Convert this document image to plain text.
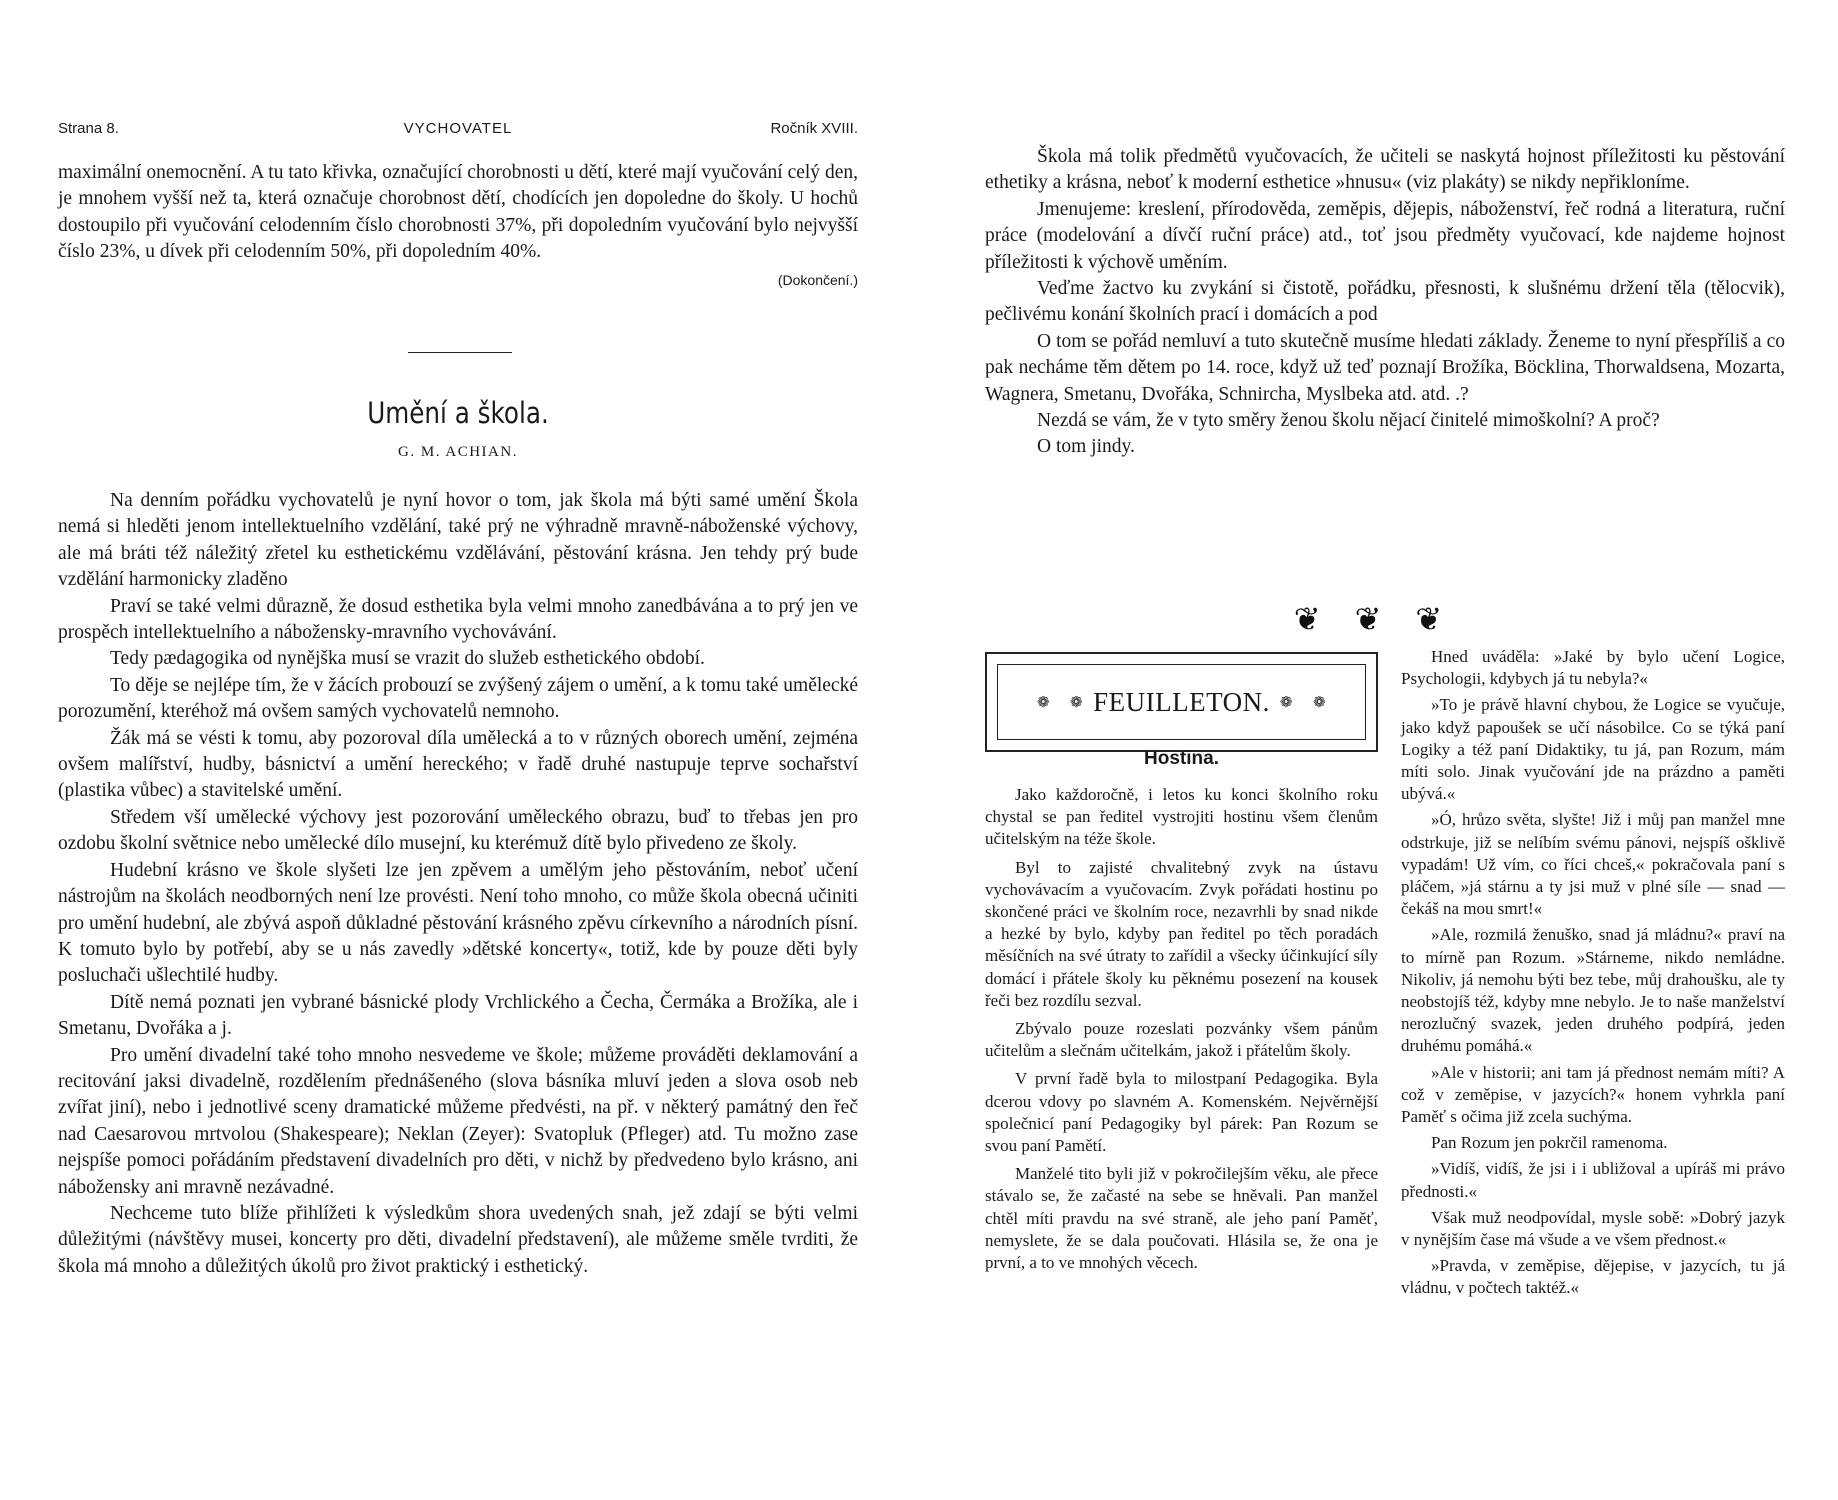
Strana 8.	VYCHOVATEL	Ročník XVIII.

maximální onemocnění. A tu tato křivka, označující chorobnosti u dětí, které mají vyučování celý den, je mnohem vyšší než ta, která označuje chorobnost dětí, chodících jen dopoledne do školy. U hochů dostoupilo při vyučování celodenním číslo chorobnosti 37%, při dopoledním vyučování bylo nejvyšší číslo 23%, u dívek při celodenním 50%, při dopoledním 40%.

(Dokončení.)
Umění a škola.
G. M. ACHIAN.

Na denním pořádku vychovatelů je nyní hovor o tom, jak škola má býti samé umění Škola nemá si hleděti jenom intellektuelního vzdělání, také prý ne výhradně mravně-náboženské výchovy, ale má bráti též náležitý zřetel ku esthetickému vzdělávání, pěstování krásna. Jen tehdy prý bude vzdělání harmonicky zladěno

Praví se také velmi důrazně, že dosud esthetika byla velmi mnoho zanedbávána a to prý jen ve prospěch intellektuelního a nábožensky-mravního vychovávání.

Tedy pædagogika od nynějška musí se vrazit do služeb esthetického období.

To děje se nejlépe tím, že v žácích probouzí se zvýšený zájem o umění, a k tomu také umělecké porozumění, kteréhož má ovšem samých vychovatelů nemnoho.

Žák má se vésti k tomu, aby pozoroval díla umělecká a to v různých oborech umění, zejména ovšem malířství, hudby, básnictví a umění hereckého; v řadě druhé nastupuje teprve sochařství (plastika vůbec) a stavitelské umění.

Středem vší umělecké výchovy jest pozorování uměleckého obrazu, buď to třebas jen pro ozdobu školní světnice nebo umělecké dílo musejní, ku kterémuž dítě bylo přivedeno ze školy.

Hudební krásno ve škole slyšeti lze jen zpěvem a umělým jeho pěstováním, neboť učení nástrojům na školách neodborných není lze provésti. Není toho mnoho, co může škola obecná učiniti pro umění hudební, ale zbývá aspoň důkladné pěstování krásného zpěvu církevního a národních písní. K tomuto bylo by potřebí, aby se u nás zavedly »dětské koncerty«, totiž, kde by pouze děti byly posluchači ušlechtilé hudby.

Dítě nemá poznati jen vybrané básnické plody Vrchlického a Čecha, Čermáka a Brožíka, ale i Smetanu, Dvořáka a j.

Pro umění divadelní také toho mnoho nesvedeme ve škole; můžeme prováděti deklamování a recitování jaksi divadelně, rozdělením přednášeného (slova básníka mluví jeden a slova osob neb zvířat jiní), nebo i jednotlivé sceny dramatické můžeme předvésti, na př. v některý památný den řeč nad Caesarovou mrtvolou (Shakespeare); Neklan (Zeyer): Svatopluk (Pfleger) atd. Tu možno zase nejspíše pomoci pořádáním představení divadelních pro děti, v nichž by předvedeno bylo krásno, ani nábožensky ani mravně nezávadné.

Nechceme tuto blíže přihlížeti k výsledkům shora uvedených snah, jež zdají se býti velmi důležitými (návštěvy musei, koncerty pro děti, divadelní představení), ale můžeme směle tvrditi, že škola má mnoho a důležitých úkolů pro život praktický i esthetický.

Škola má tolik předmětů vyučovacích, že učiteli se naskytá hojnost příležitosti ku pěstování ethetiky a krásna, neboť k moderní esthetice »hnusu« (viz plakáty) se nikdy nepřikloníme.

Jmenujeme: kreslení, přírodověda, zeměpis, dějepis, náboženství, řeč rodná a literatura, ruční práce (modelování a dívčí ruční práce) atd., toť jsou předměty vyučovací, kde najdeme hojnost příležitosti k výchově uměním.

Veďme žactvo ku zvykání si čistotě, pořádku, přesnosti, k slušnému držení těla (tělocvik), pečlivému konání školních prací i domácích a pod

O tom se pořád nemluví a tuto skutečně musíme hledati základy. Ženeme to nyní přespříliš a co pak necháme těm dětem po 14. roce, když už teď poznají Brožíka, Böcklina, Thorwaldsena, Mozarta, Wagnera, Smetanu, Dvořáka, Schnircha, Myslbeka atd. atd. .?

Nezdá se vám, že v tyto směry ženou školu nějací činitelé mimoškolní? A proč?

O tom jindy.

❦❦❦
❁ ❁ FEUILLETON. ❁ ❁
Hostina.

Jako každoročně, i letos ku konci školního roku chystal se pan ředitel vystrojiti hostinu všem členům učitelským na téže škole.

Byl to zajisté chvalitebný zvyk na ústavu vychovávacím a vyučovacím. Zvyk pořádati hostinu po skončené práci ve školním roce, nezavrhli by snad nikde a hezké by bylo, kdyby pan ředitel po těch poradách měsíčních na své útraty to zařídil a všecky účinkující síly domácí i přátele školy ku pěknému posezení na kousek řeči bez rozdílu sezval.

Zbývalo pouze rozeslati pozvánky všem pánům učitelům a slečnám učitelkám, jakož i přátelům školy.

V první řadě byla to milostpaní Pedagogika. Byla dcerou vdovy po slavném A. Komenském. Nejvěrnější společnicí paní Pedagogiky byl párek: Pan Rozum se svou paní Pamětí.

Manželé tito byli již v pokročilejším věku, ale přece stávalo se, že začasté na sebe se hněvali. Pan manžel chtěl míti pravdu na své straně, ale jeho paní Paměť, nemyslete, že se dala poučovati. Hlásila se, že ona je první, a to ve mnohých věcech.

Hned uváděla: »Jaké by bylo učení Logice, Psychologii, kdybych já tu nebyla?«

»To je právě hlavní chybou, že Logice se vyučuje, jako když papoušek se učí násobilce. Co se týká paní Logiky a též paní Didaktiky, tu já, pan Rozum, mám míti solo. Jinak vyučování jde na prázdno a paměti ubývá.«

»Ó, hrůzo světa, slyšte! Již i můj pan manžel mne odstrkuje, již se nelíbím svému pánovi, nejspíš ošklivě vypadám! Už vím, co říci chceš,« pokračovala paní s pláčem, »já stárnu a ty jsi muž v plné síle — snad — čekáš na mou smrt!«

»Ale, rozmilá ženuško, snad já mládnu?« praví na to mírně pan Rozum. »Stárneme, nikdo nemládne. Nikoliv, já nemohu býti bez tebe, můj drahoušku, ale ty neobstojíš též, kdyby mne nebylo. Je to naše manželství nerozlučný svazek, jeden druhého podpírá, jeden druhému pomáhá.«

»Ale v historii; ani tam já přednost nemám míti? A což v zeměpise, v jazycích?« honem vyhrkla paní Paměť s očima již zcela suchýma.

Pan Rozum jen pokrčil ramenoma.

»Vidíš, vidíš, že jsi i i ubližoval a upíráš mi právo přednosti.«

Však muž neodpovídal, mysle sobě: »Dobrý jazyk v nynějším čase má všude a ve všem přednost.«

»Pravda, v zeměpise, dějepise, v jazycích, tu já vládnu, v počtech taktéž.«
